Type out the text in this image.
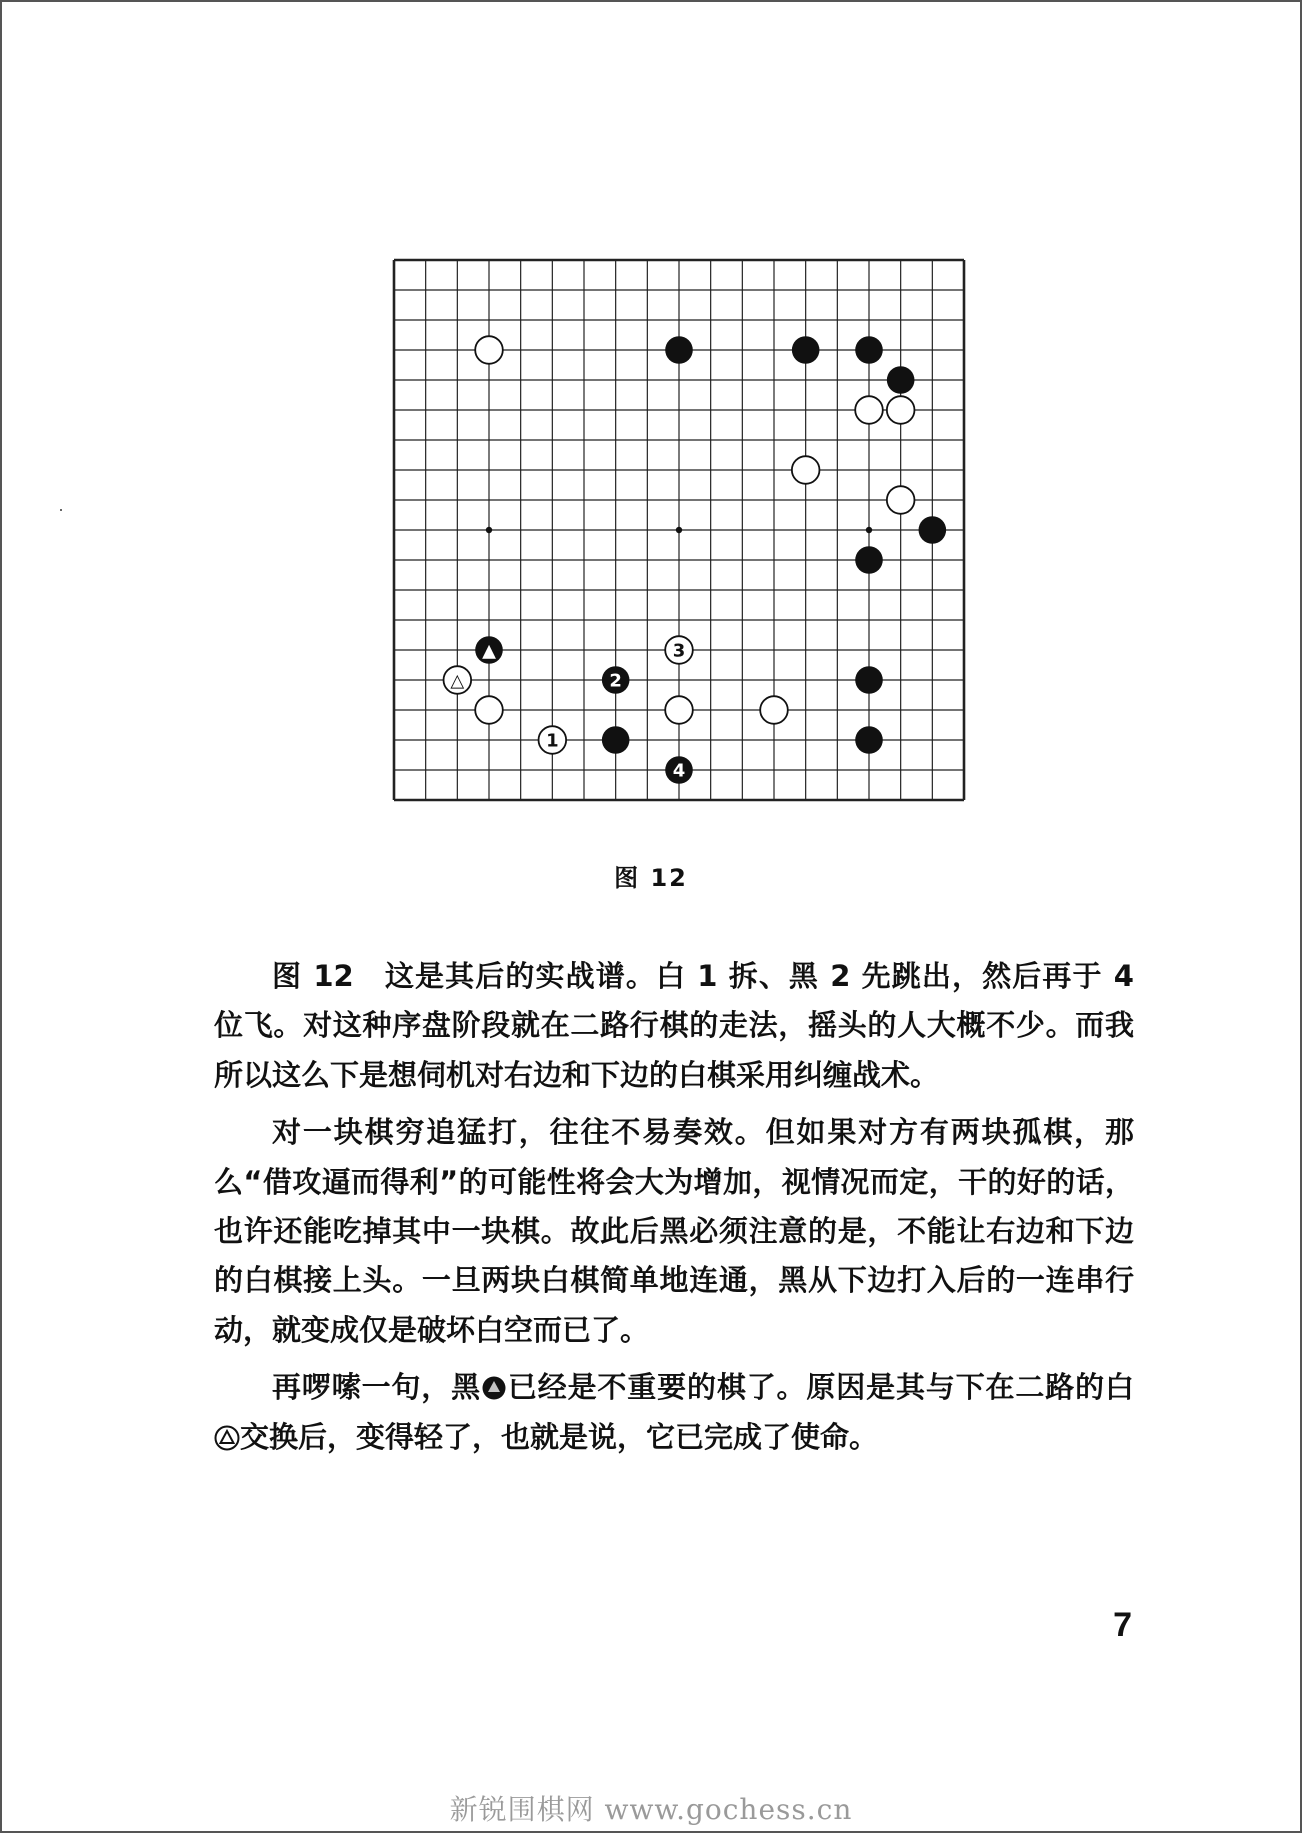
△
1
3
▲
2
4
图 12

图 12　这是其后的实战谱。白 1 拆、黑 2 先跳出，然后再于 4 位飞。对这种序盘阶段就在二路行棋的走法，摇头的人大概不少。而我所以这么下是想伺机对右边和下边的白棋采用纠缠战术。

对一块棋穷追猛打，往往不易奏效。但如果对方有两块孤棋，那么“借攻逼而得利”的可能性将会大为增加，视情况而定，干的好的话，也许还能吃掉其中一块棋。故此后黑必须注意的是，不能让右边和下边的白棋接上头。一旦两块白棋简单地连通，黑从下边打入后的一连串行动，就变成仅是破坏白空而已了。

再啰嗦一句，黑 已经是不重要的棋了。原因是其与下在二路的白交换后，变得轻了，也就是说，它已完成了使命。

7
新锐围棋网 www.gochess.cn
